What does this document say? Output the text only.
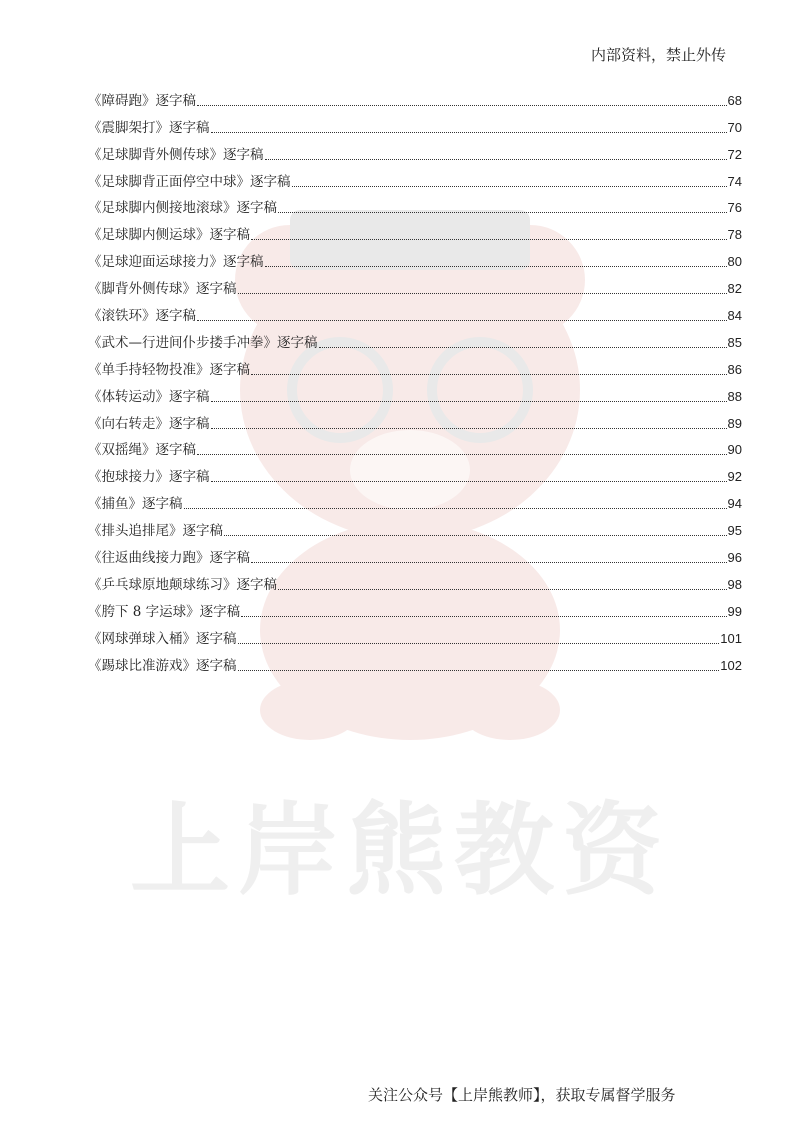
内部资料，禁止外传
上岸熊教资
《障碍跑》逐字稿	68
《震脚架打》逐字稿	70
《足球脚背外侧传球》逐字稿	72
《足球脚背正面停空中球》逐字稿	74
《足球脚内侧接地滚球》逐字稿	76
《足球脚内侧运球》逐字稿	78
《足球迎面运球接力》逐字稿	80
《脚背外侧传球》逐字稿	82
《滚铁环》逐字稿	84
《武术—行进间仆步搂手冲拳》逐字稿	85
《单手持轻物投准》逐字稿	86
《体转运动》逐字稿	88
《向右转走》逐字稿	89
《双摇绳》逐字稿	90
《抱球接力》逐字稿	92
《捕鱼》逐字稿	94
《排头追排尾》逐字稿	95
《往返曲线接力跑》逐字稿	96
《乒乓球原地颠球练习》逐字稿	98
《胯下 8 字运球》逐字稿	99
《网球弹球入桶》逐字稿	101
《踢球比准游戏》逐字稿	102
关注公众号【上岸熊教师】，获取专属督学服务
